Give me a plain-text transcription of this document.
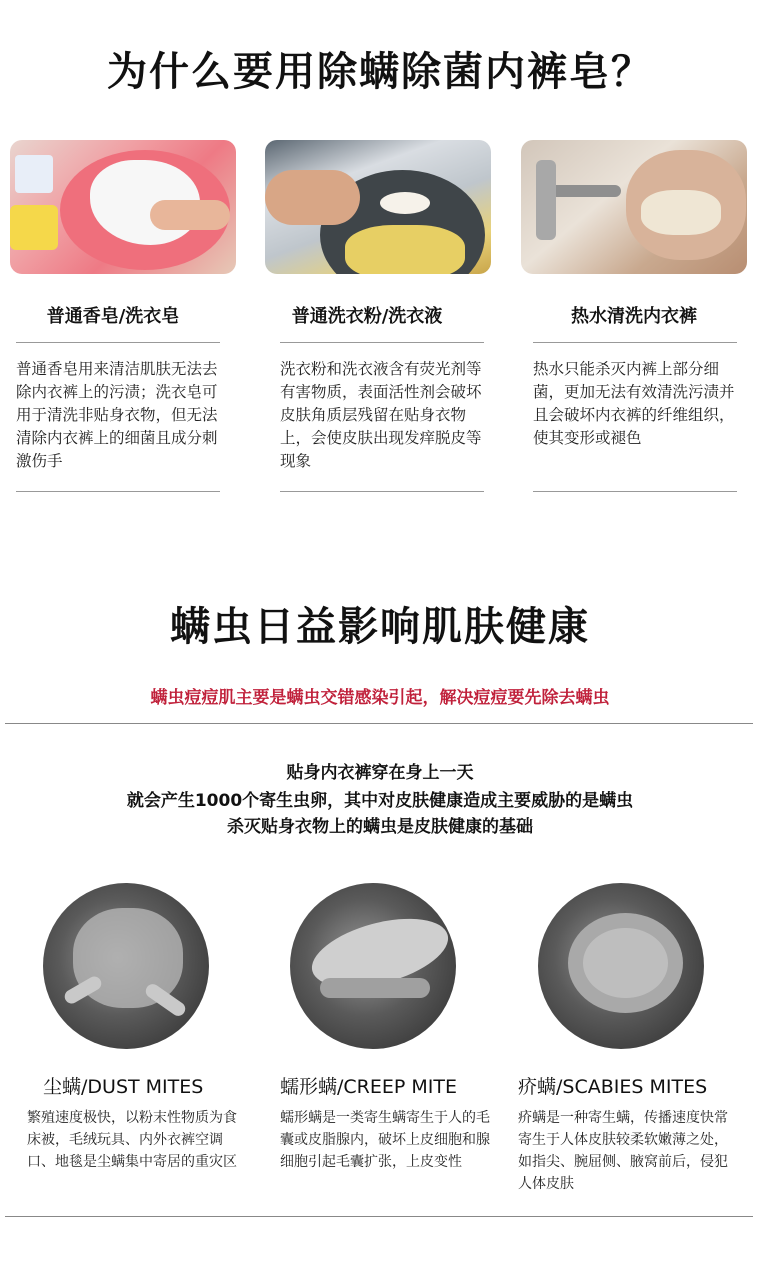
为什么要用除螨除菌内裤皂？
普通香皂/洗衣皂	普通洗衣粉/洗衣液	热水清洗内衣裤
普通香皂用来清洁肌肤无法去除内衣裤上的污渍；洗衣皂可用于清洗非贴身衣物，但无法清除内衣裤上的细菌且成分刺激伤手
洗衣粉和洗衣液含有荧光剂等有害物质，表面活性剂会破坏皮肤角质层残留在贴身衣物上，会使皮肤出现发痒脱皮等现象
热水只能杀灭内裤上部分细菌，更加无法有效清洗污渍并且会破坏内衣裤的纤维组织，使其变形或褪色
螨虫日益影响肌肤健康
螨虫痘痘肌主要是螨虫交错感染引起，解决痘痘要先除去螨虫
贴身内衣裤穿在身上一天
就会产生1000个寄生虫卵，其中对皮肤健康造成主要威胁的是螨虫
杀灭贴身衣物上的螨虫是皮肤健康的基础
尘螨/DUST MITES	蠕形螨/CREEP MITE	疥螨/SCABIES MITES
繁殖速度极快，以粉末性物质为食床被，毛绒玩具、内外衣裤空调口、地毯是尘螨集中寄居的重灾区
蠕形螨是一类寄生螨寄生于人的毛囊或皮脂腺内，破坏上皮细胞和腺细胞引起毛囊扩张，上皮变性
疥螨是一种寄生螨，传播速度快常寄生于人体皮肤较柔软嫩薄之处，如指尖、腕屈侧、腋窝前后，侵犯人体皮肤
